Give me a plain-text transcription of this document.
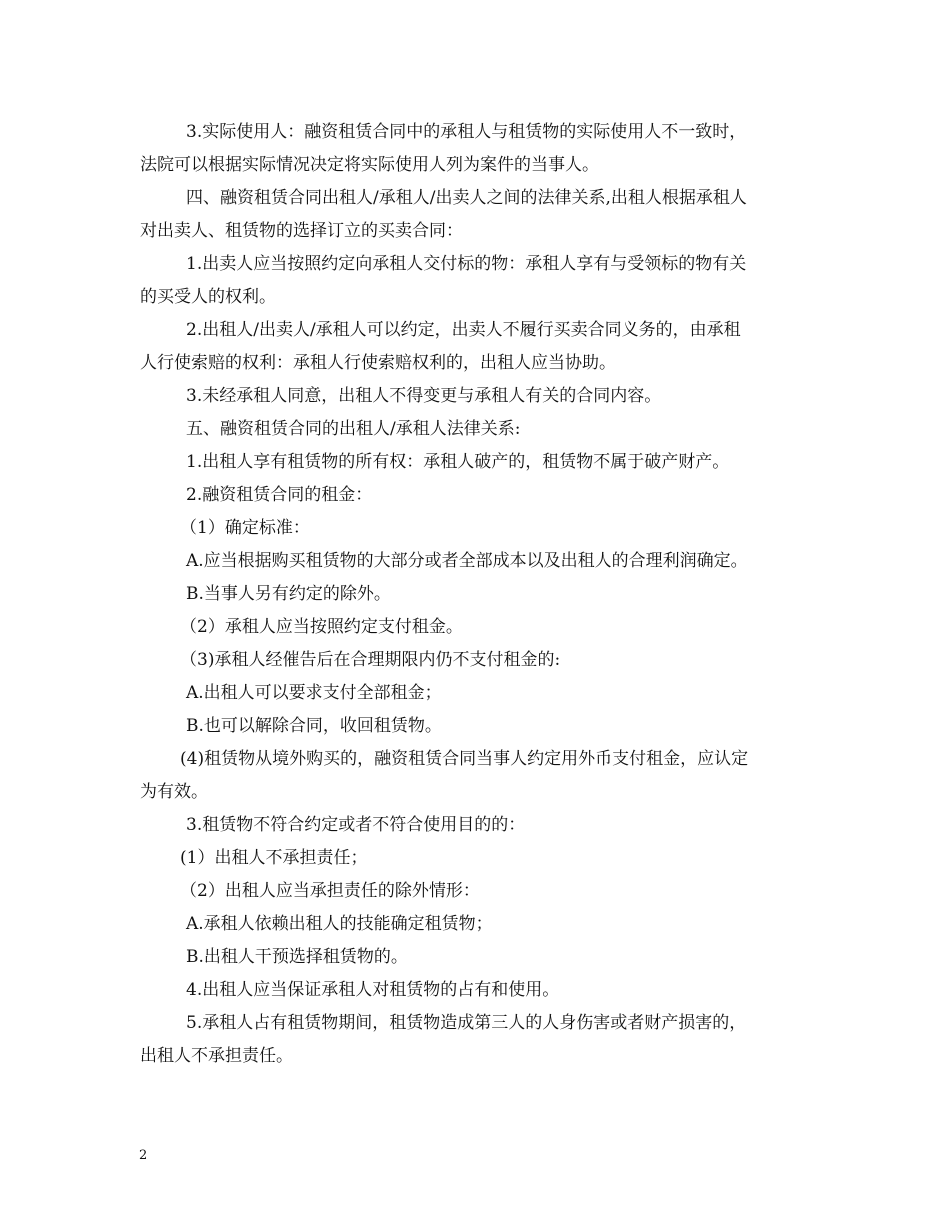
3.实际使用人：融资租赁合同中的承租人与租赁物的实际使用人不一致时，
法院可以根据实际情况决定将实际使用人列为案件的当事人。
四、融资租赁合同出租人/承租人/出卖人之间的法律关系,出租人根据承租人
对出卖人、租赁物的选择订立的买卖合同：
1.出卖人应当按照约定向承租人交付标的物：承租人享有与受领标的物有关
的买受人的权利。
2.出租人/出卖人/承租人可以约定，出卖人不履行买卖合同义务的，由承租
人行使索赔的权利：承租人行使索赔权利的，出租人应当协助。
3.未经承租人同意，出租人不得变更与承租人有关的合同内容。
五、融资租赁合同的出租人/承租人法律关系:
1.出租人享有租赁物的所有权：承租人破产的，租赁物不属于破产财产。
2.融资租赁合同的租金：
（1）确定标准：
A.应当根据购买租赁物的大部分或者全部成本以及出租人的合理利润确定。
B.当事人另有约定的除外。
（2）承租人应当按照约定支付租金。
（3)承租人经催告后在合理期限内仍不支付租金的:
A.出租人可以要求支付全部租金；
B.也可以解除合同，收回租赁物。
(4)租赁物从境外购买的，融资租赁合同当事人约定用外币支付租金，应认定
为有效。
3.租赁物不符合约定或者不符合使用目的的：
(1）出租人不承担责任；
（2）出租人应当承担责任的除外情形：
A.承租人依赖出租人的技能确定租赁物；
B.出租人干预选择租赁物的。
4.出租人应当保证承租人对租赁物的占有和使用。
5.承租人占有租赁物期间，租赁物造成第三人的人身伤害或者财产损害的，
出租人不承担责任。
2
